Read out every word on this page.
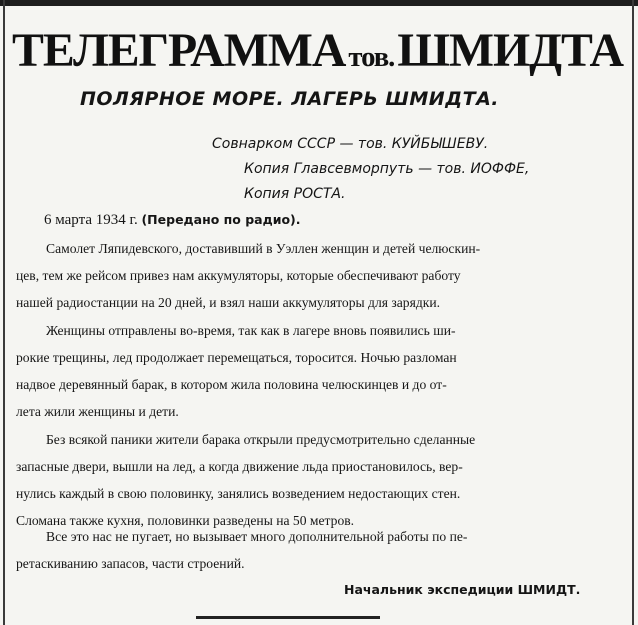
ТЕЛЕГРАММА тов. ШМИДТА
ПОЛЯРНОЕ МОРЕ. ЛАГЕРЬ ШМИДТА.
Совнарком СССР — тов. КУЙБЫШЕВУ.
Копия Главсевморпуть — тов. ИОФФЕ,
Копия РОСТА.
6 марта 1934 г. (Передано по радио).
Самолет Ляпидевского, доставивший в Уэллен женщин и детей челюскин-
цев, тем же рейсом привез нам аккумуляторы, которые обеспечивают работу
нашей радиостанции на 20 дней, и взял наши аккумуляторы для зарядки.
Женщины отправлены во-время, так как в лагере вновь появились ши-
рокие трещины, лед продолжает перемещаться, торосится. Ночью разломан
надвое деревянный барак, в котором жила половина челюскинцев и до от-
лета жили женщины и дети.
Без всякой паники жители барака открыли предусмотрительно сделанные
запасные двери, вышли на лед, а когда движение льда приостановилось, вер-
нулись каждый в свою половинку, занялись возведением недостающих стен.
Сломана также кухня, половинки разведены на 50 метров.
Все это нас не пугает, но вызывает много дополнительной работы по пе-
ретаскиванию запасов, части строений.
Начальник экспедиции ШМИДТ.
